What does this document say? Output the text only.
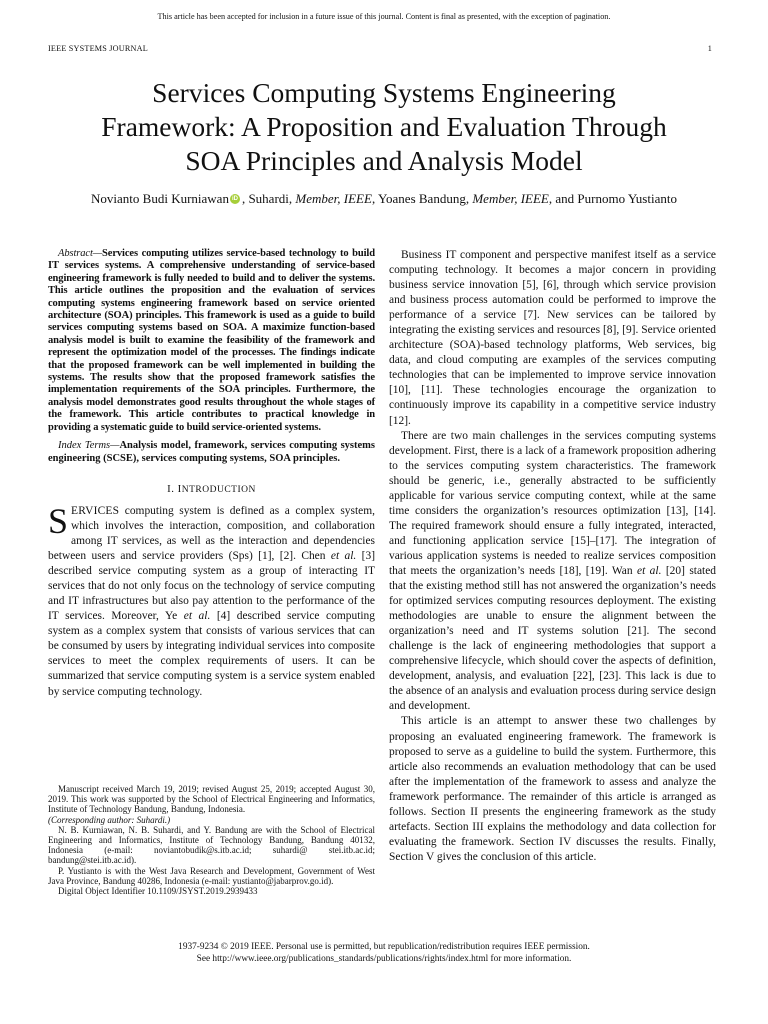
This article has been accepted for inclusion in a future issue of this journal. Content is final as presented, with the exception of pagination.
IEEE SYSTEMS JOURNAL	1
Services Computing Systems Engineering
Framework: A Proposition and Evaluation Through
SOA Principles and Analysis Model
Novianto Budi Kurniawan iD , Suhardi, Member, IEEE, Yoanes Bandung, Member, IEEE, and Purnomo Yustianto

Abstract—Services computing utilizes service-based technology to build IT services systems. A comprehensive understanding of service-based engineering framework is fully needed to build and to deliver the systems. This article outlines the proposition and the evaluation of services computing systems engineering framework based on service oriented architecture (SOA) principles. This framework is used as a guide to build services computing systems based on SOA. A maximize function-based analysis model is built to examine the feasibility of the framework and represent the optimization model of the processes. The findings indicate that the proposed framework can be well implemented in building the systems. The results show that the proposed framework satisfies the implementation requirements of the SOA principles. Furthermore, the analysis model demonstrates good results throughout the whole stages of the framework. This article contributes to practical knowledge in providing a systematic guide to build service-oriented systems.

Index Terms—Analysis model, framework, services computing systems engineering (SCSE), services computing systems, SOA principles.

I. INTRODUCTION

SERVICES computing system is defined as a complex system, which involves the interaction, composition, and collaboration among IT services, as well as the interaction and dependencies between users and service providers (Sps) [1], [2]. Chen et al. [3] described service computing system as a group of interacting IT services that do not only focus on the technology of service computing and IT infrastructures but also pay attention to the performance of the IT services. Moreover, Ye et al. [4] described service computing system as a complex system that consists of various services that can be consumed by users by integrating individual services into composite services to meet the complex requirements of users. It can be summarized that service computing system is a service system enabled by service computing technology.

Manuscript received March 19, 2019; revised August 25, 2019; accepted August 30, 2019. This work was supported by the School of Electrical Engineering and Informatics, Institute of Technology Bandung, Bandung, Indonesia.
(Corresponding author: Suhardi.)

N. B. Kurniawan, N. B. Suhardi, and Y. Bandung are with the School of Electrical Engineering and Informatics, Institute of Technology Bandung, Bandung 40132, Indonesia (e-mail: noviantobudik@s.itb.ac.id; suhardi@ stei.itb.ac.id; bandung@stei.itb.ac.id).

P. Yustianto is with the West Java Research and Development, Government of West Java Province, Bandung 40286, Indonesia (e-mail: yustianto@jabarprov.go.id).

Digital Object Identifier 10.1109/JSYST.2019.2939433

Business IT component and perspective manifest itself as a service computing technology. It becomes a major concern in providing business service innovation [5], [6], through which service provision and business process automation could be performed to improve the performance of a service [7]. New services can be tailored by integrating the existing services and resources [8], [9]. Service oriented architecture (SOA)-based technology platforms, Web services, big data, and cloud computing are examples of the services computing technologies that can be implemented to improve service innovation [10], [11]. These technologies encourage the organization to continuously improve its capability in a competitive service industry [12].

There are two main challenges in the services computing systems development. First, there is a lack of a framework proposition adhering to the services computing system characteristics. The framework should be generic, i.e., generally abstracted to be sufficiently applicable for various service computing context, while at the same time considers the organization’s resources optimization [13], [14]. The required framework should ensure a fully integrated, interacted, and functioning application service [15]–[17]. The integration of various application systems is needed to realize services composition that meets the organization’s needs [18], [19]. Wan et al. [20] stated that the existing method still has not answered the organization’s needs for optimized services computing resources deployment. The existing methodologies are unable to ensure the alignment between the organization’s need and IT systems solution [21]. The second challenge is the lack of engineering methodologies that support a comprehensive lifecycle, which should cover the aspects of definition, development, analysis, and evaluation [22], [23]. This lack is due to the absence of an analysis and evaluation process during service design and development.

This article is an attempt to answer these two challenges by proposing an evaluated engineering framework. The framework is proposed to serve as a guideline to build the system. Furthermore, this article also recommends an evaluation methodology that can be used after the implementation of the framework to assess and analyze the framework performance. The remainder of this article is arranged as follows. Section II presents the engineering framework as the study artefacts. Section III explains the methodology and data collection for evaluating the framework. Section IV discusses the results. Finally, Section V gives the conclusion of this article.

1937-9234 © 2019 IEEE. Personal use is permitted, but republication/redistribution requires IEEE permission.
See http://www.ieee.org/publications_standards/publications/rights/index.html for more information.
